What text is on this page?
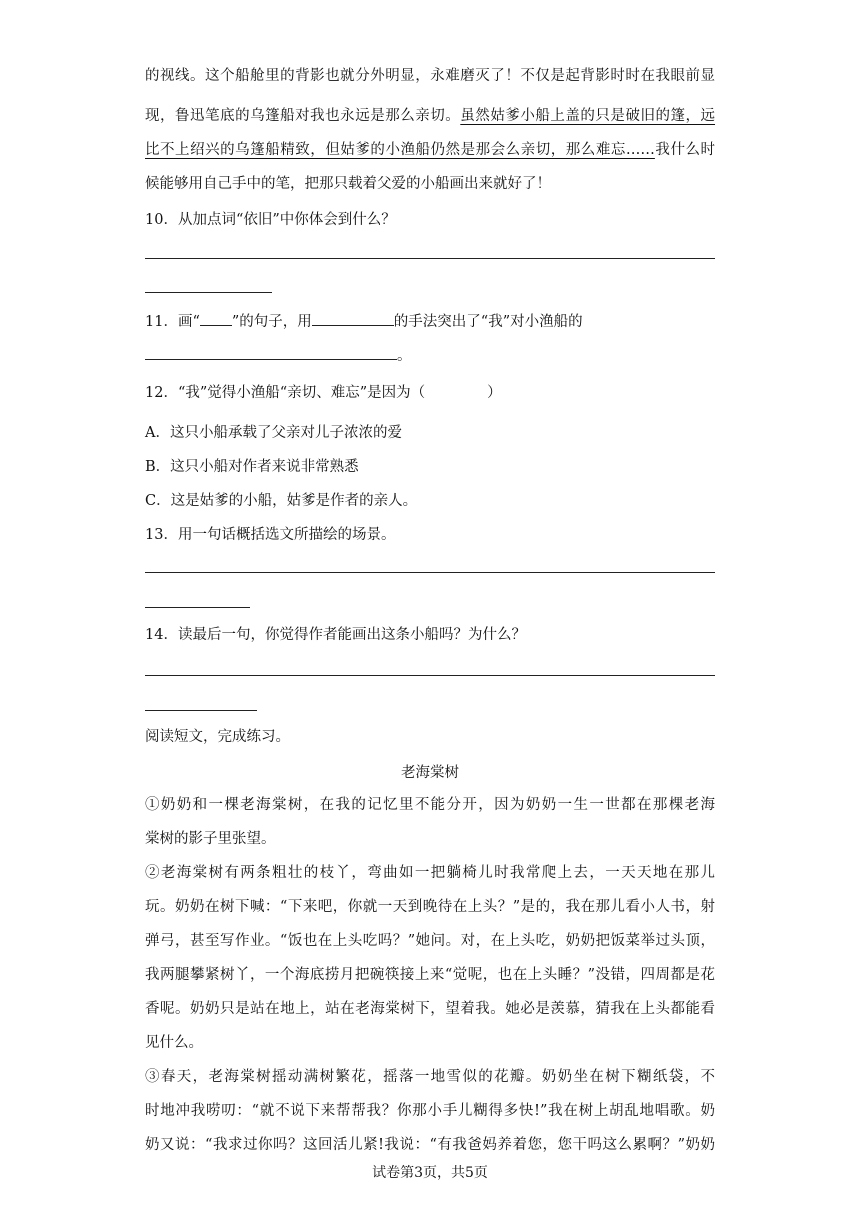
的视线。这个船舱里的背影也就分外明显，永难磨灭了！不仅是起背影时时在我眼前显
现，鲁迅笔底的乌篷船对我也永远是那么亲切。虽然姑爹小船上盖的只是破旧的篷，远
比不上绍兴的乌篷船精致，但姑爹的小渔船仍然是那会么亲切，那么难忘……我什么时
候能够用自己手中的笔，把那只载着父爱的小船画出来就好了！
10．从加点词“依旧”中你体会到什么？
11．画“ ”的句子，用	的手法突出了“我”对小渔船的
。
12．“我”觉得小渔船“亲切、难忘”是因为（	）
A．这只小船承载了父亲对儿子浓浓的爱
B．这只小船对作者来说非常熟悉
C．这是姑爹的小船，姑爹是作者的亲人。
13．用一句话概括选文所描绘的场景。
14．读最后一句，你觉得作者能画出这条小船吗？为什么？
阅读短文，完成练习。
老海棠树
①奶奶和一棵老海棠树，在我的记忆里不能分开，因为奶奶一生一世都在那棵老海
棠树的影子里张望。
②老海棠树有两条粗壮的枝丫，弯曲如一把躺椅儿时我常爬上去，一天天地在那儿
玩。奶奶在树下喊：“下来吧，你就一天到晚待在上头？”是的，我在那儿看小人书，射
弹弓，甚至写作业。“饭也在上头吃吗？”她问。对，在上头吃，奶奶把饭菜举过头顶，
我两腿攀紧树丫，一个海底捞月把碗筷接上来“觉呢，也在上头睡？”没错，四周都是花
香呢。奶奶只是站在地上，站在老海棠树下，望着我。她必是羡慕，猜我在上头都能看
见什么。
③春天，老海棠树摇动满树繁花，摇落一地雪似的花瓣。奶奶坐在树下糊纸袋，不
时地冲我唠叨：“就不说下来帮帮我？你那小手儿糊得多快!”我在树上胡乱地唱歌。奶
奶又说：“我求过你吗？这回活儿紧!我说：“有我爸妈养着您，您干吗这么累啊？”奶奶
试卷第3页，共5页
